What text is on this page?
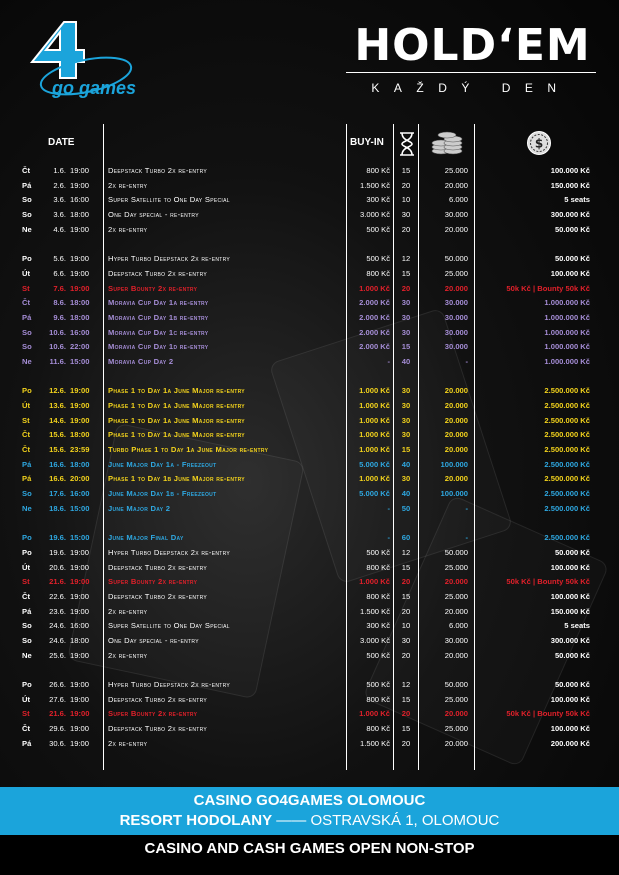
go games
HOLD‘EM
KAŽDÝ DEN
DATE	BUY-IN	$
Čt	1.6. 19:00 Deepstack Turbo 2x re-entry	800 Kč	15	25.000	100.000 Kč
Pá	2.6. 19:00 2x re-entry	1.500 Kč	20	20.000	150.000 Kč
So	3.6. 16:00 Super Satellite to One Day Special	300 Kč	10	6.000	5 seats
So	3.6. 18:00 One Day special - re-entry	3.000 Kč	30	30.000	300.000 Kč
Ne	4.6. 19:00 2x re-entry	500 Kč	20	20.000	50.000 Kč
Po	5.6. 19:00 Hyper Turbo Deepstack 2x re-entry	500 Kč	12	50.000	50.000 Kč
Út	6.6. 19:00 Deepstack Turbo 2x re-entry	800 Kč	15	25.000	100.000 Kč
St	7.6. 19:00 Super Bounty 2x re-entry	1.000 Kč	20	20.000	50k Kč | Bounty 50k Kč
Čt	8.6. 18:00 Moravia Cup Day 1a re-entry	2.000 Kč	30	30.000	1.000.000 Kč
Pá	9.6. 18:00 Moravia Cup Day 1b re-entry	2.000 Kč	30	30.000	1.000.000 Kč
So	10.6. 16:00 Moravia Cup Day 1c re-entry	2.000 Kč	30	30.000	1.000.000 Kč
So	10.6. 22:00 Moravia Cup Day 1d re-entry	2.000 Kč	15	30.000	1.000.000 Kč
Ne	11.6. 15:00 Moravia Cup Day 2	-	40	-	1.000.000 Kč
Po	12.6. 19:00 Phase 1 to Day 1a June Major re-entry	1.000 Kč	30	20.000	2.500.000 Kč
Út	13.6. 19:00 Phase 1 to Day 1a June Major re-entry	1.000 Kč	30	20.000	2.500.000 Kč
St	14.6. 19:00 Phase 1 to Day 1a June Major re-entry	1.000 Kč	30	20.000	2.500.000 Kč
Čt	15.6. 18:00 Phase 1 to Day 1a June Major re-entry	1.000 Kč	30	20.000	2.500.000 Kč
Čt	15.6. 23:59 Turbo Phase 1 to Day 1a June Major re-entry	1.000 Kč	15	20.000	2.500.000 Kč
Pá	16.6. 18:00 June Major Day 1a - Freezeout	5.000 Kč	40	100.000	2.500.000 Kč
Pá	16.6. 20:00 Phase 1 to Day 1b June Major re-entry	1.000 Kč	30	20.000	2.500.000 Kč
So	17.6. 16:00 June Major Day 1b - Freezeout	5.000 Kč	40	100.000	2.500.000 Kč
Ne	18.6. 15:00 June Major Day 2	-	50	-	2.500.000 Kč
Po	19.6. 15:00 June Major Final Day	-	60	-	2.500.000 Kč
Po	19.6. 19:00 Hyper Turbo Deepstack 2x re-entry	500 Kč	12	50.000	50.000 Kč
Út	20.6. 19:00 Deepstack Turbo 2x re-entry	800 Kč	15	25.000	100.000 Kč
St	21.6. 19:00 Super Bounty 2x re-entry	1.000 Kč	20	20.000	50k Kč | Bounty 50k Kč
Čt	22.6. 19:00 Deepstack Turbo 2x re-entry	800 Kč	15	25.000	100.000 Kč
Pá	23.6. 19:00 2x re-entry	1.500 Kč	20	20.000	150.000 Kč
So	24.6. 16:00 Super Satellite to One Day Special	300 Kč	10	6.000	5 seats
So	24.6. 18:00 One Day special - re-entry	3.000 Kč	30	30.000	300.000 Kč
Ne	25.6. 19:00 2x re-entry	500 Kč	20	20.000	50.000 Kč
Po	26.6. 19:00 Hyper Turbo Deepstack 2x re-entry	500 Kč	12	50.000	50.000 Kč
Út	27.6. 19:00 Deepstack Turbo 2x re-entry	800 Kč	15	25.000	100.000 Kč
St	21.6. 19:00 Super Bounty 2x re-entry	1.000 Kč	20	20.000	50k Kč | Bounty 50k Kč
Čt	29.6. 19:00 Deepstack Turbo 2x re-entry	800 Kč	15	25.000	100.000 Kč
Pá	30.6. 19:00 2x re-entry	1.500 Kč	20	20.000	200.000 Kč
CASINO GO4GAMES OLOMOUC
RESORT HODOLANY —— OSTRAVSKÁ 1, OLOMOUC
CASINO AND CASH GAMES OPEN NON-STOP
